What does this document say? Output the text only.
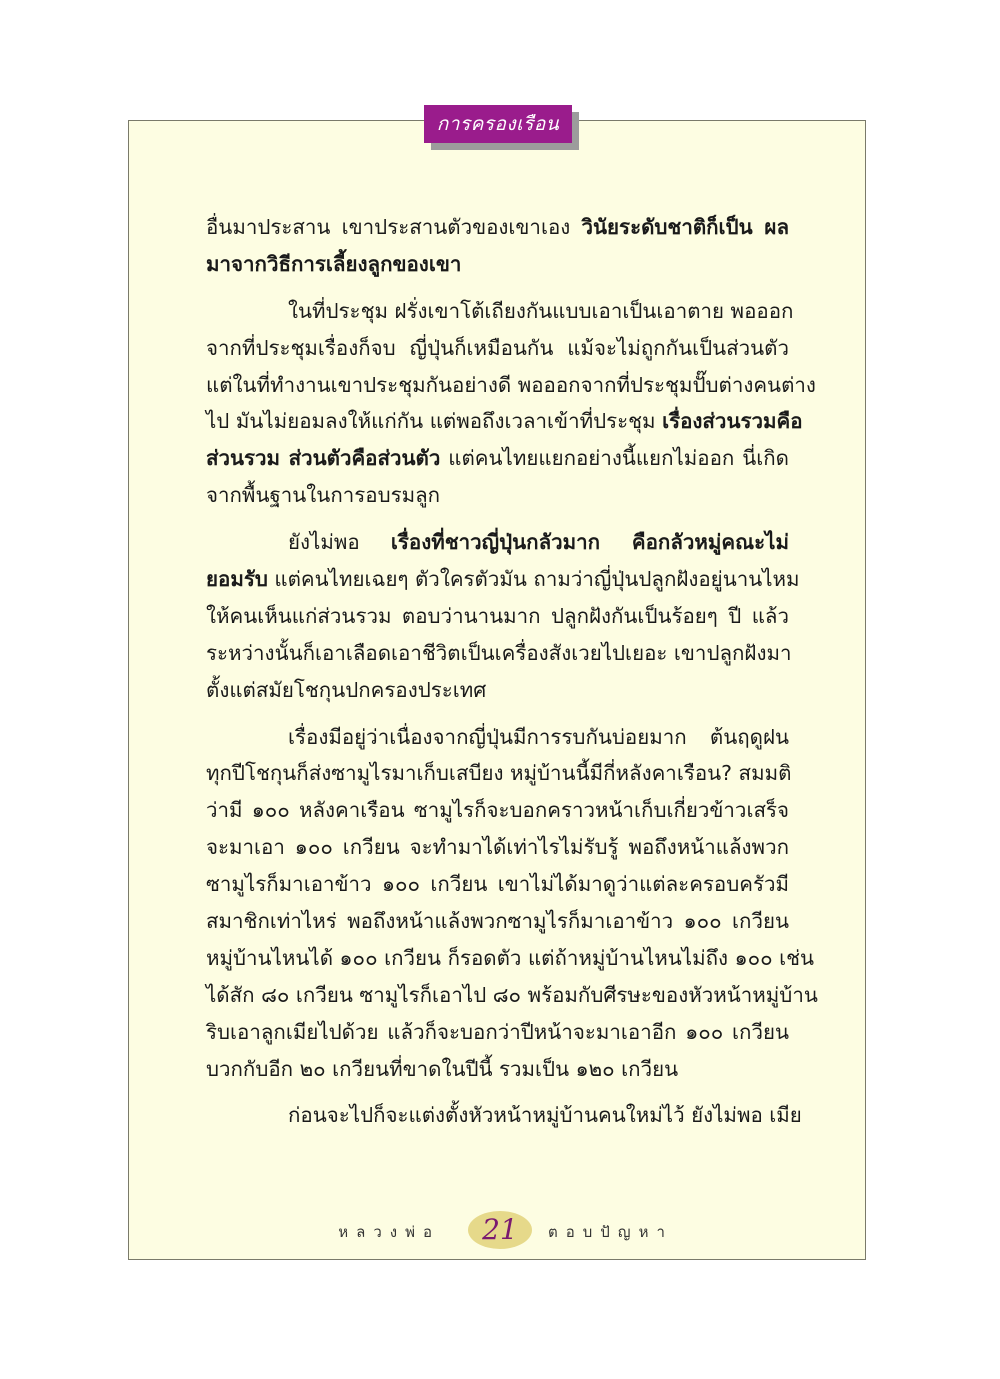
การครองเรือน
อื่นมาประสาน เขาประสานตัวของเขาเอง วินัยระดับชาติก็เป็น ผล
มาจากวิธีการเลี้ยงลูกของเขา
ในที่ประชุม ฝรั่งเขาโต้เถียงกันแบบเอาเป็นเอาตาย พอออก
จากที่ประชุมเรื่องก็จบ ญี่ปุ่นก็เหมือนกัน แม้จะไม่ถูกกันเป็นส่วนตัว
แต่ในที่ทำงานเขาประชุมกันอย่างดี พอออกจากที่ประชุมปั๊บต่างคนต่าง
ไป มันไม่ยอมลงให้แก่กัน แต่พอถึงเวลาเข้าที่ประชุม เรื่องส่วนรวมคือ
ส่วนรวม ส่วนตัวคือส่วนตัว แต่คนไทยแยกอย่างนี้แยกไม่ออก นี่เกิด
จากพื้นฐานในการอบรมลูก
ยังไม่พอ เรื่องที่ชาวญี่ปุ่นกลัวมาก คือกลัวหมู่คณะไม่
ยอมรับ แต่คนไทยเฉยๆ ตัวใครตัวมัน ถามว่าญี่ปุ่นปลูกฝังอยู่นานไหม
ให้คนเห็นแก่ส่วนรวม ตอบว่านานมาก ปลูกฝังกันเป็นร้อยๆ ปี แล้ว
ระหว่างนั้นก็เอาเลือดเอาชีวิตเป็นเครื่องสังเวยไปเยอะ เขาปลูกฝังมา
ตั้งแต่สมัยโชกุนปกครองประเทศ
เรื่องมีอยู่ว่าเนื่องจากญี่ปุ่นมีการรบกันบ่อยมาก ต้นฤดูฝน
ทุกปีโชกุนก็ส่งซามูไรมาเก็บเสบียง หมู่บ้านนี้มีกี่หลังคาเรือน? สมมติ
ว่ามี ๑๐๐ หลังคาเรือน ซามูไรก็จะบอกคราวหน้าเก็บเกี่ยวข้าวเสร็จ
จะมาเอา ๑๐๐ เกวียน จะทำมาได้เท่าไรไม่รับรู้ พอถึงหน้าแล้งพวก
ซามูไรก็มาเอาข้าว ๑๐๐ เกวียน เขาไม่ได้มาดูว่าแต่ละครอบครัวมี
สมาชิกเท่าไหร่ พอถึงหน้าแล้งพวกซามูไรก็มาเอาข้าว ๑๐๐ เกวียน
หมู่บ้านไหนได้ ๑๐๐ เกวียน ก็รอดตัว แต่ถ้าหมู่บ้านไหนไม่ถึง ๑๐๐ เช่น
ได้สัก ๘๐ เกวียน ซามูไรก็เอาไป ๘๐ พร้อมกับศีรษะของหัวหน้าหมู่บ้าน
ริบเอาลูกเมียไปด้วย แล้วก็จะบอกว่าปีหน้าจะมาเอาอีก ๑๐๐ เกวียน
บวกกับอีก ๒๐ เกวียนที่ขาดในปีนี้ รวมเป็น ๑๒๐ เกวียน
ก่อนจะไปก็จะแต่งตั้งหัวหน้าหมู่บ้านคนใหม่ไว้ ยังไม่พอ เมีย
หลวงพ่อ	21	ตอบปัญหา
